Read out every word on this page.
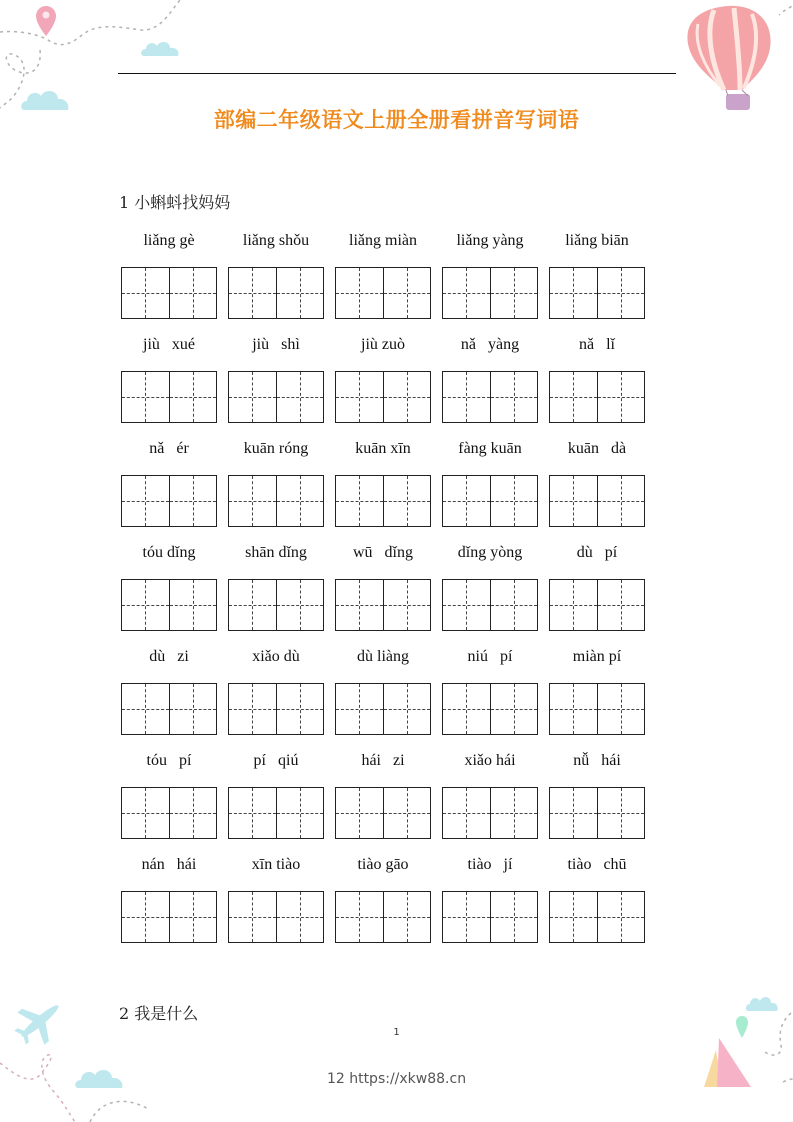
部编二年级语文上册全册看拼音写词语
1 小蝌蚪找妈妈
liǎng gè	liǎng shǒu	liǎng miàn	liǎng yàng	liǎng biān
jiù   xué	jiù   shì	jiù zuò	nǎ   yàng	nǎ   lǐ
nǎ   ér	kuān róng	kuān xīn	fàng kuān	kuān   dà
tóu dǐng	shān dǐng	wū   dǐng	dǐng yòng	dù   pí
dù   zi	xiǎo dù	dù liàng	niú   pí	miàn pí
tóu   pí	pí   qiú	hái   zi	xiǎo hái	nǚ   hái
nán   hái	xīn tiào	tiào gāo	tiào   jí	tiào   chū
2 我是什么
1
12 https://xkw88.cn
